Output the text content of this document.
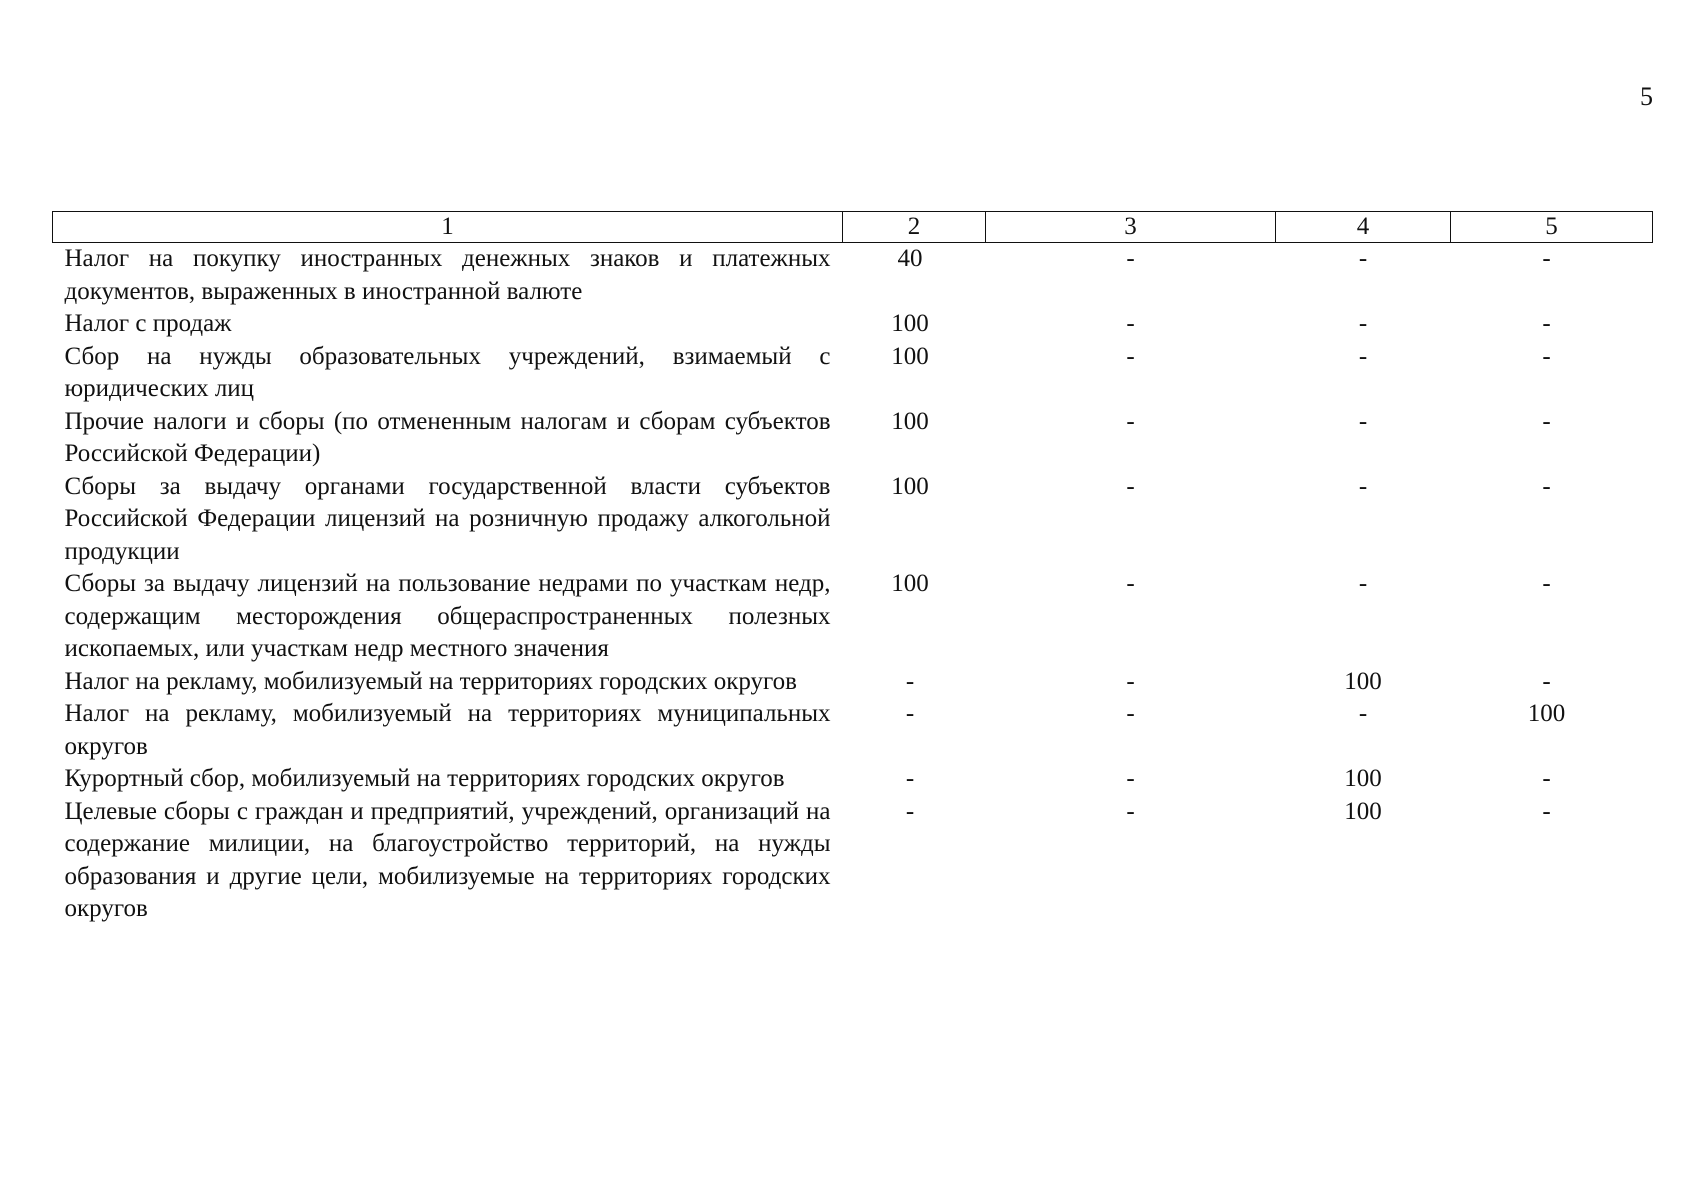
5
1	2	3	4	5
Налог на покупку иностранных денежных знаков и платежных документов, выраженных в иностранной валюте	40	-	-	-
Налог с продаж	100	-	-	-
Сбор на нужды образовательных учреждений, взимаемый с юридических лиц	100	-	-	-
Прочие налоги и сборы (по отмененным налогам и сборам субъектов Российской Федерации)	100	-	-	-
Сборы за выдачу органами государственной власти субъектов Российской Федерации лицензий на розничную продажу алкогольной продукции	100	-	-	-
Сборы за выдачу лицензий на пользование недрами по участкам недр, содержащим месторождения общераспространенных полезных ископаемых, или участкам недр местного значения	100	-	-	-
Налог на рекламу, мобилизуемый на территориях городских округов	-	-	100	-
Налог на рекламу, мобилизуемый на территориях муниципальных округов	-	-	-	100
Курортный сбор, мобилизуемый на территориях городских округов	-	-	100	-
Целевые сборы с граждан и предприятий, учреждений, организаций на содержание милиции, на благоустройство территорий, на нужды образования и другие цели, мобилизуемые на территориях городских округов	-	-	100	-
